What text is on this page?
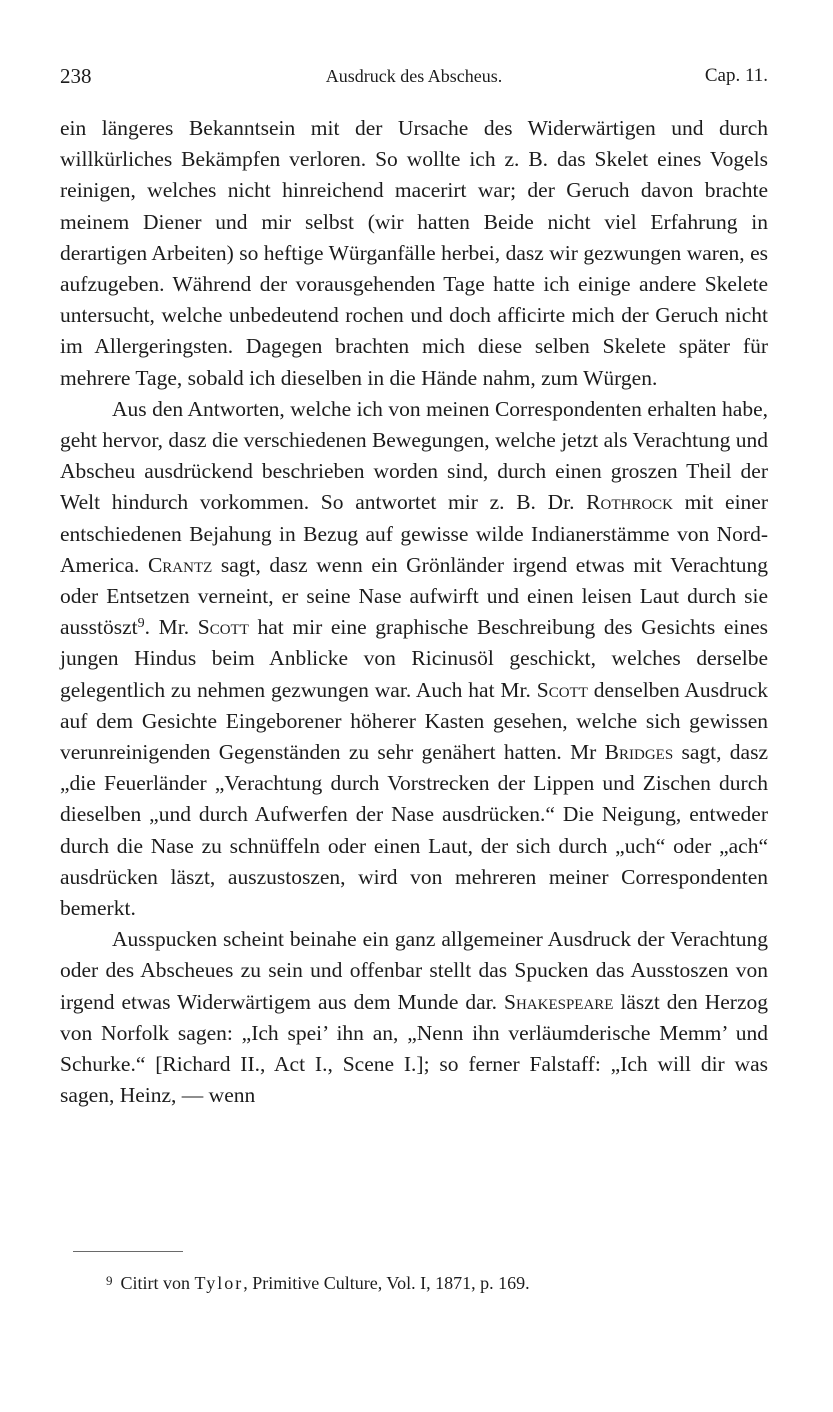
238	Ausdruck des Abscheus.	Cap. 11.

ein längeres Bekanntsein mit der Ursache des Widerwärtigen und durch willkürliches Bekämpfen verloren. So wollte ich z. B. das Skelet eines Vogels reinigen, welches nicht hinreichend macerirt war; der Geruch davon brachte meinem Diener und mir selbst (wir hatten Beide nicht viel Erfahrung in derartigen Arbeiten) so heftige Würganfälle herbei, dasz wir gezwungen waren, es aufzugeben. Während der vorausgehenden Tage hatte ich einige andere Skelete untersucht, welche unbedeutend rochen und doch afficirte mich der Geruch nicht im Allergeringsten. Dagegen brachten mich diese selben Skelete später für mehrere Tage, sobald ich dieselben in die Hände nahm, zum Würgen.

Aus den Antworten, welche ich von meinen Correspondenten erhalten habe, geht hervor, dasz die verschiedenen Bewegungen, welche jetzt als Verachtung und Abscheu ausdrückend beschrieben worden sind, durch einen groszen Theil der Welt hindurch vorkommen. So antwortet mir z. B. Dr. Rothrock mit einer entschiedenen Bejahung in Bezug auf gewisse wilde Indianerstämme von Nord-America. Crantz sagt, dasz wenn ein Grönländer irgend etwas mit Verachtung oder Entsetzen verneint, er seine Nase aufwirft und einen leisen Laut durch sie ausstöszt$^9$. Mr. Scott hat mir eine graphische Beschreibung des Gesichts eines jungen Hindus beim Anblicke von Ricinusöl geschickt, welches derselbe gelegentlich zu nehmen gezwungen war. Auch hat Mr. Scott denselben Ausdruck auf dem Gesichte Eingeborener höherer Kasten gesehen, welche sich gewissen verunreinigenden Gegenständen zu sehr genähert hatten. Mr Bridges sagt, dasz „die Feuerländer „Verachtung durch Vorstrecken der Lippen und Zischen durch dieselben „und durch Aufwerfen der Nase ausdrücken.“ Die Neigung, entweder durch die Nase zu schnüffeln oder einen Laut, der sich durch „uch“ oder „ach“ ausdrücken läszt, auszustoszen, wird von mehreren meiner Correspondenten bemerkt.

Ausspucken scheint beinahe ein ganz allgemeiner Ausdruck der Verachtung oder des Abscheues zu sein und offenbar stellt das Spucken das Ausstoszen von irgend etwas Widerwärtigem aus dem Munde dar. Shakespeare läszt den Herzog von Norfolk sagen: „Ich spei’ ihn an, „Nenn ihn verläumderische Memm’ und Schurke.“ [Richard II., Act I., Scene I.]; so ferner Falstaff: „Ich will dir was sagen, Heinz, — wenn

$^9$ Citirt von Tylor, Primitive Culture, Vol. I, 1871, p. 169.
